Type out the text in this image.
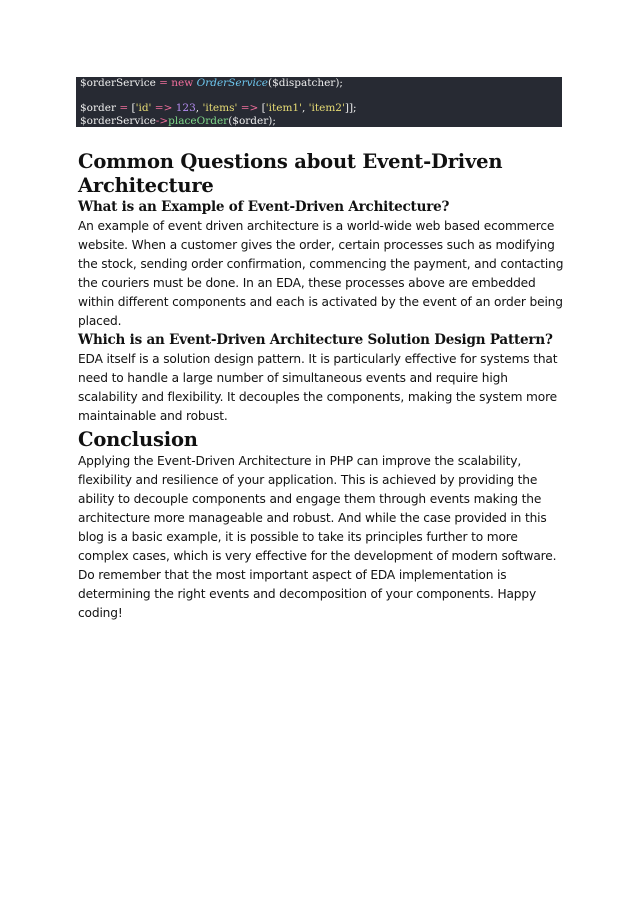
$orderService = new OrderService($dispatcher);
$order = ['id' => 123, 'items' => ['item1', 'item2']];
$orderService->placeOrder($order);
Common Questions about Event-Driven Architecture
What is an Example of Event-Driven Architecture?

An example of event driven architecture is a world-wide web based ecommerce website. When a customer gives the order, certain processes such as modifying the stock, sending order confirmation, commencing the payment, and contacting the couriers must be done. In an EDA, these processes above are embedded within different components and each is activated by the event of an order being placed.

Which is an Event-Driven Architecture Solution Design Pattern?

EDA itself is a solution design pattern. It is particularly effective for systems that need to handle a large number of simultaneous events and require high scalability and flexibility. It decouples the components, making the system more maintainable and robust.

Conclusion

Applying the Event-Driven Architecture in PHP can improve the scalability, flexibility and resilience of your application. This is achieved by providing the ability to decouple components and engage them through events making the architecture more manageable and robust. And while the case provided in this blog is a basic example, it is possible to take its principles further to more complex cases, which is very effective for the development of modern software.

Do remember that the most important aspect of EDA implementation is determining the right events and decomposition of your components. Happy coding!
